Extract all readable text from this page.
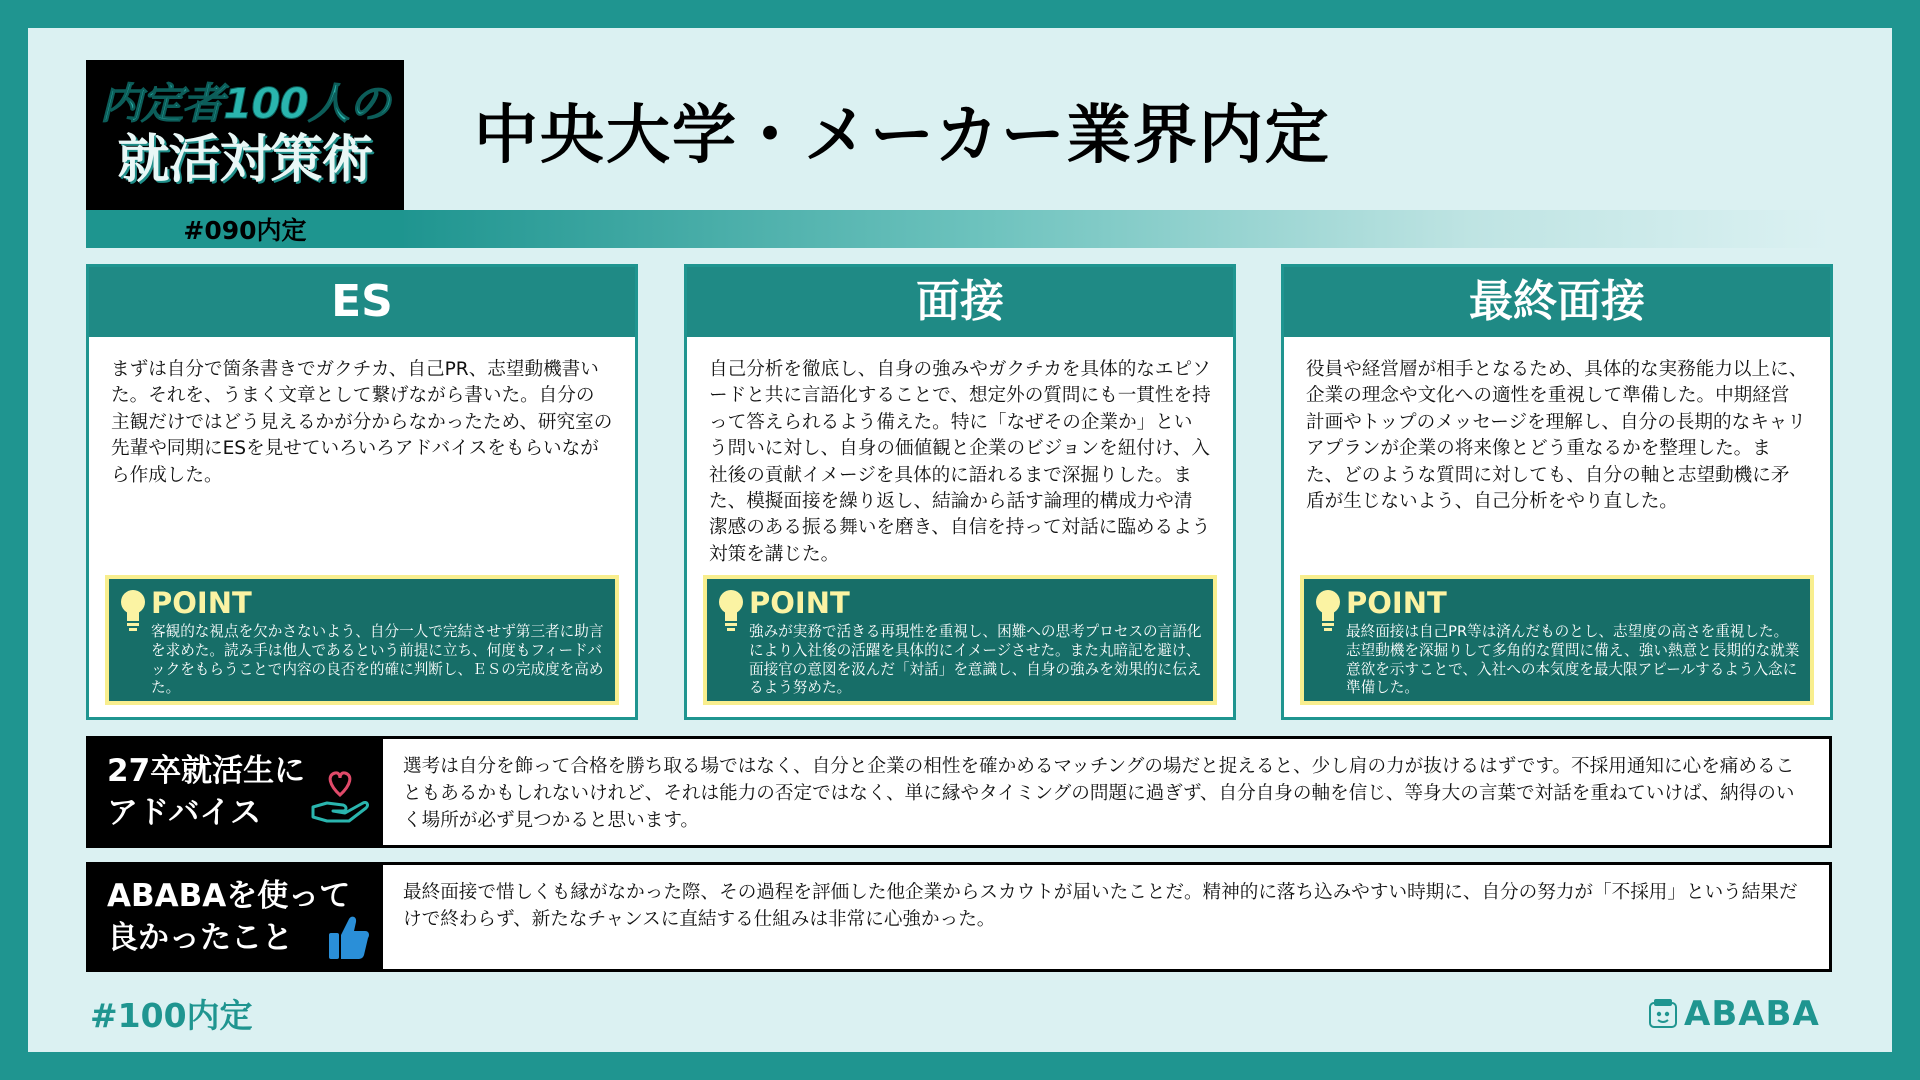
内定者100人の
就活対策術
#090内定
中央大学・メーカー業界内定
ES
まずは自分で箇条書きでガクチカ、自己PR、志望動機書いた。それを、うまく文章として繋げながら書いた。自分の主観だけではどう見えるかが分からなかったため、研究室の先輩や同期にESを見せていろいろアドバイスをもらいながら作成した。
POINT
客観的な視点を欠かさないよう、自分一人で完結させず第三者に助言を求めた。読み手は他人であるという前提に立ち、何度もフィードバックをもらうことで内容の良否を的確に判断し、ＥＳの完成度を高めた。
面接
自己分析を徹底し、自身の強みやガクチカを具体的なエピソードと共に言語化することで、想定外の質問にも一貫性を持って答えられるよう備えた。特に「なぜその企業か」という問いに対し、自身の価値観と企業のビジョンを紐付け、入社後の貢献イメージを具体的に語れるまで深掘りした。また、模擬面接を繰り返し、結論から話す論理的構成力や清潔感のある振る舞いを磨き、自信を持って対話に臨めるよう対策を講じた。
POINT
強みが実務で活きる再現性を重視し、困難への思考プロセスの言語化により入社後の活躍を具体的にイメージさせた。また丸暗記を避け、面接官の意図を汲んだ「対話」を意識し、自身の強みを効果的に伝えるよう努めた。
最終面接
役員や経営層が相手となるため、具体的な実務能力以上に、企業の理念や文化への適性を重視して準備した。中期経営計画やトップのメッセージを理解し、自分の長期的なキャリアプランが企業の将来像とどう重なるかを整理した。また、どのような質問に対しても、自分の軸と志望動機に矛盾が生じないよう、自己分析をやり直した。
POINT
最終面接は自己PR等は済んだものとし、志望度の高さを重視した。志望動機を深掘りして多角的な質問に備え、強い熱意と長期的な就業意欲を示すことで、入社への本気度を最大限アピールするよう入念に準備した。
27卒就活生に
アドバイス
選考は自分を飾って合格を勝ち取る場ではなく、自分と企業の相性を確かめるマッチングの場だと捉えると、少し肩の力が抜けるはずです。不採用通知に心を痛めることもあるかもしれないけれど、それは能力の否定ではなく、単に縁やタイミングの問題に過ぎず、自分自身の軸を信じ、等身大の言葉で対話を重ねていけば、納得のいく場所が必ず見つかると思います。
ABABAを使って
良かったこと
最終面接で惜しくも縁がなかった際、その過程を評価した他企業からスカウトが届いたことだ。精神的に落ち込みやすい時期に、自分の努力が「不採用」という結果だけで終わらず、新たなチャンスに直結する仕組みは非常に心強かった。
#100内定	ABABA
